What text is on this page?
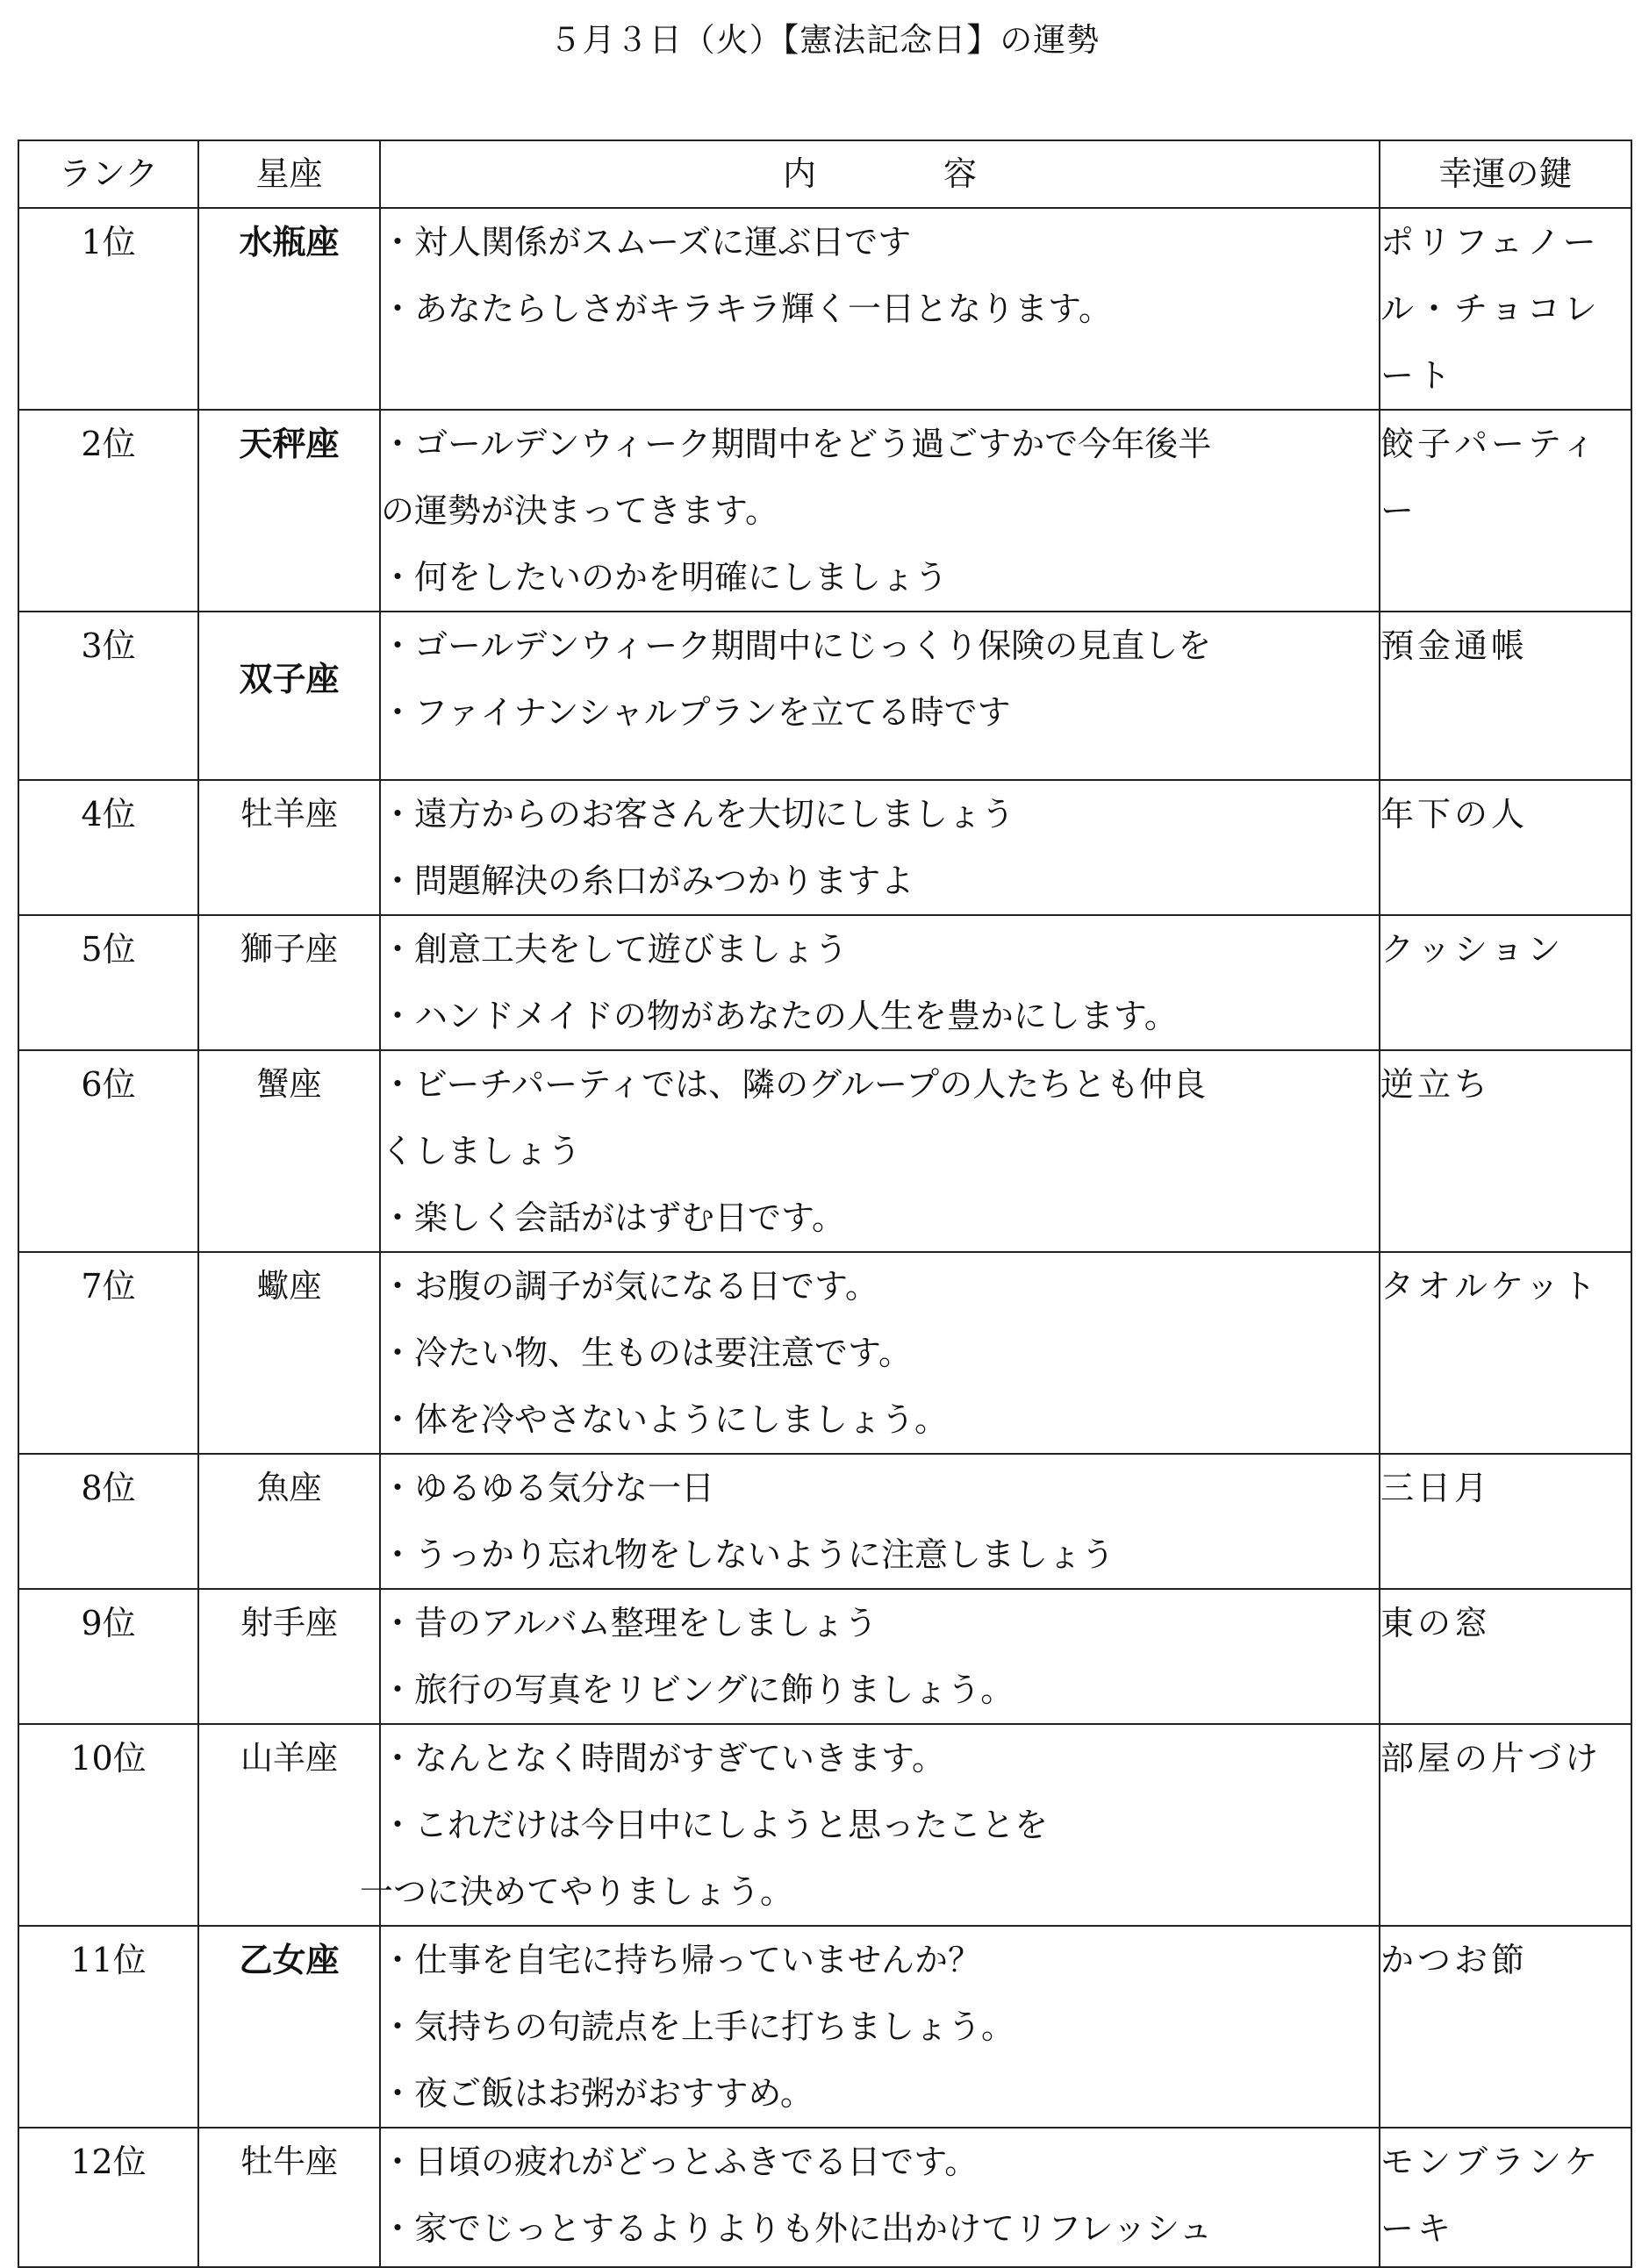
５月３日（火）【憲法記念日】の運勢
ランク	星座	内 容	幸運の鍵
1位	水瓶座	・対人関係がスムーズに運ぶ日です
・あなたらしさがキラキラ輝く一日となります。	ポリフェノール・チョコレート
2位	天秤座	・ゴールデンウィーク期間中をどう過ごすかで今年後半
の運勢が決まってきます。
・何をしたいのかを明確にしましょう	餃子パーティー
3位	双子座	・ゴールデンウィーク期間中にじっくり保険の見直しを
・ファイナンシャルプランを立てる時です	預金通帳
4位	牡羊座	・遠方からのお客さんを大切にしましょう
・問題解決の糸口がみつかりますよ	年下の人
5位	獅子座	・創意工夫をして遊びましょう
・ハンドメイドの物があなたの人生を豊かにします。	クッション
6位	蟹座	・ビーチパーティでは、隣のグループの人たちとも仲良
くしましょう
・楽しく会話がはずむ日です。	逆立ち
7位	蠍座	・お腹の調子が気になる日です。
・冷たい物、生ものは要注意です。
・体を冷やさないようにしましょう。	タオルケット
8位	魚座	・ゆるゆる気分な一日
・うっかり忘れ物をしないように注意しましょう	三日月
9位	射手座	・昔のアルバム整理をしましょう
・旅行の写真をリビングに飾りましょう。	東の窓
10位	山羊座	・なんとなく時間がすぎていきます。
・これだけは今日中にしようと思ったことを
一つに決めてやりましょう。	部屋の片づけ
11位	乙女座	・仕事を自宅に持ち帰っていませんか？
・気持ちの句読点を上手に打ちましょう。
・夜ご飯はお粥がおすすめ。	かつお節
12位	牡牛座	・日頃の疲れがどっとふきでる日です。
・家でじっとするよりよりも外に出かけてリフレッシュ	モンブランケーキ
